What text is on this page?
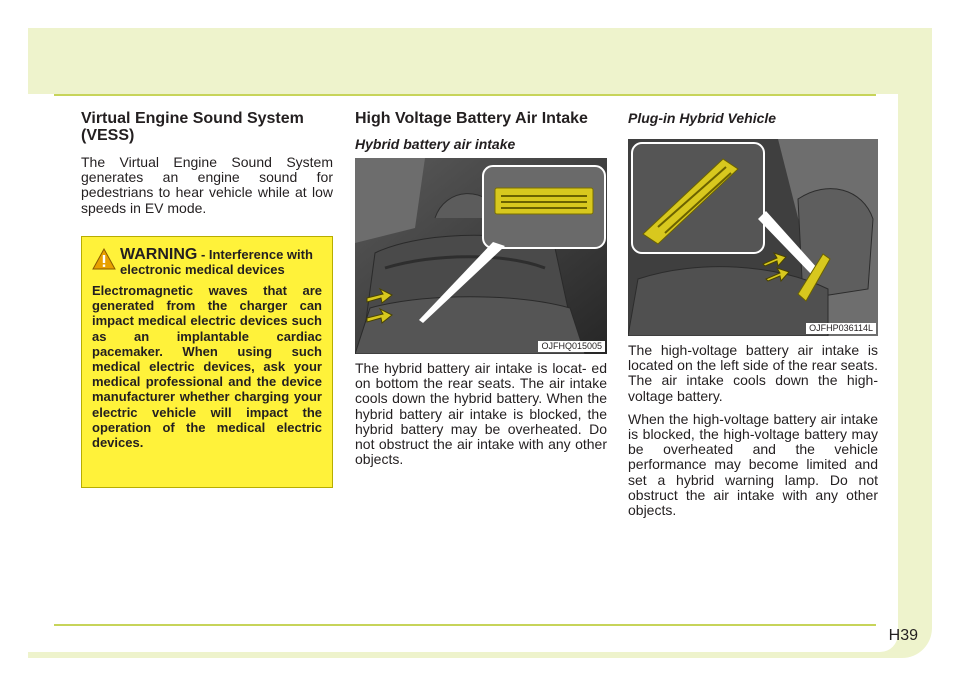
Virtual Engine Sound System (VESS)

The Virtual Engine Sound System generates an engine sound for pedestrians to hear vehicle while at low speeds in EV mode.

WARNING - Interference with electronic medical devices
Electromagnetic waves that are generated from the charger can impact medical electric devices such as an implantable cardiac pacemaker. When using such medical electric devices, ask your medical professional and the device manufacturer whether charging your electric vehicle will impact the operation of the medical electric devices.
High Voltage Battery Air Intake
Hybrid battery air intake
OJFHQ015005

The hybrid battery air intake is locat- ed on bottom the rear seats. The air intake cools down the hybrid battery. When the hybrid battery air intake is blocked, the hybrid battery may be overheated. Do not obstruct the air intake with any other objects.

Plug-in Hybrid Vehicle
OJFHP036114L

The high-voltage battery air intake is located on the left side of the rear seats. The air intake cools down the high-voltage battery.

When the high-voltage battery air intake is blocked, the high-voltage battery may be overheated and the vehicle performance may become limited and set a hybrid warning lamp. Do not obstruct the air intake with any other objects.

H39
